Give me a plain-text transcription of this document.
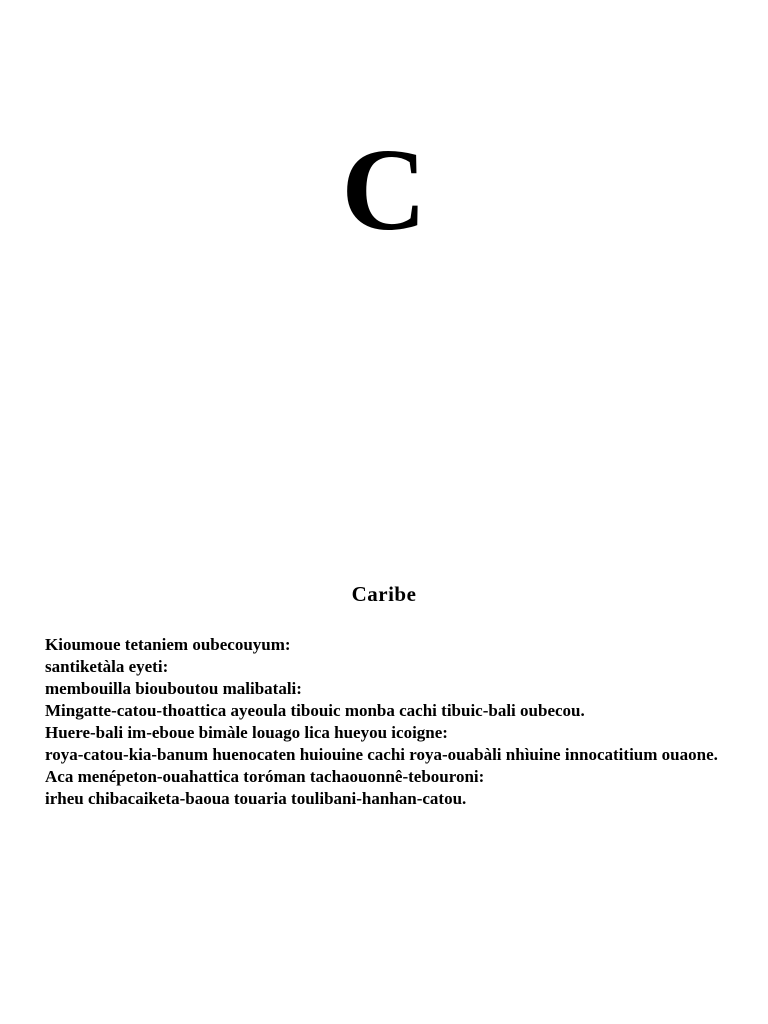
C
Caribe
Kioumoue tetaniem oubecouyum:
santiketàla eyeti:
membouilla biouboutou malibatali:
Mingatte-catou-thoattica ayeoula tibouic monba cachi tibuic-bali oubecou.
Huere-bali im-eboue bimàle louago lica hueyou icoigne:
roya-catou-kia-banum huenocaten huiouine cachi roya-ouabàli nhìuine innocatitium ouaone.
Aca menépeton-ouahattica toróman tachaouonnê-tebouroni:
irheu chibacaiketa-baoua touaria toulibani-hanhan-catou.
